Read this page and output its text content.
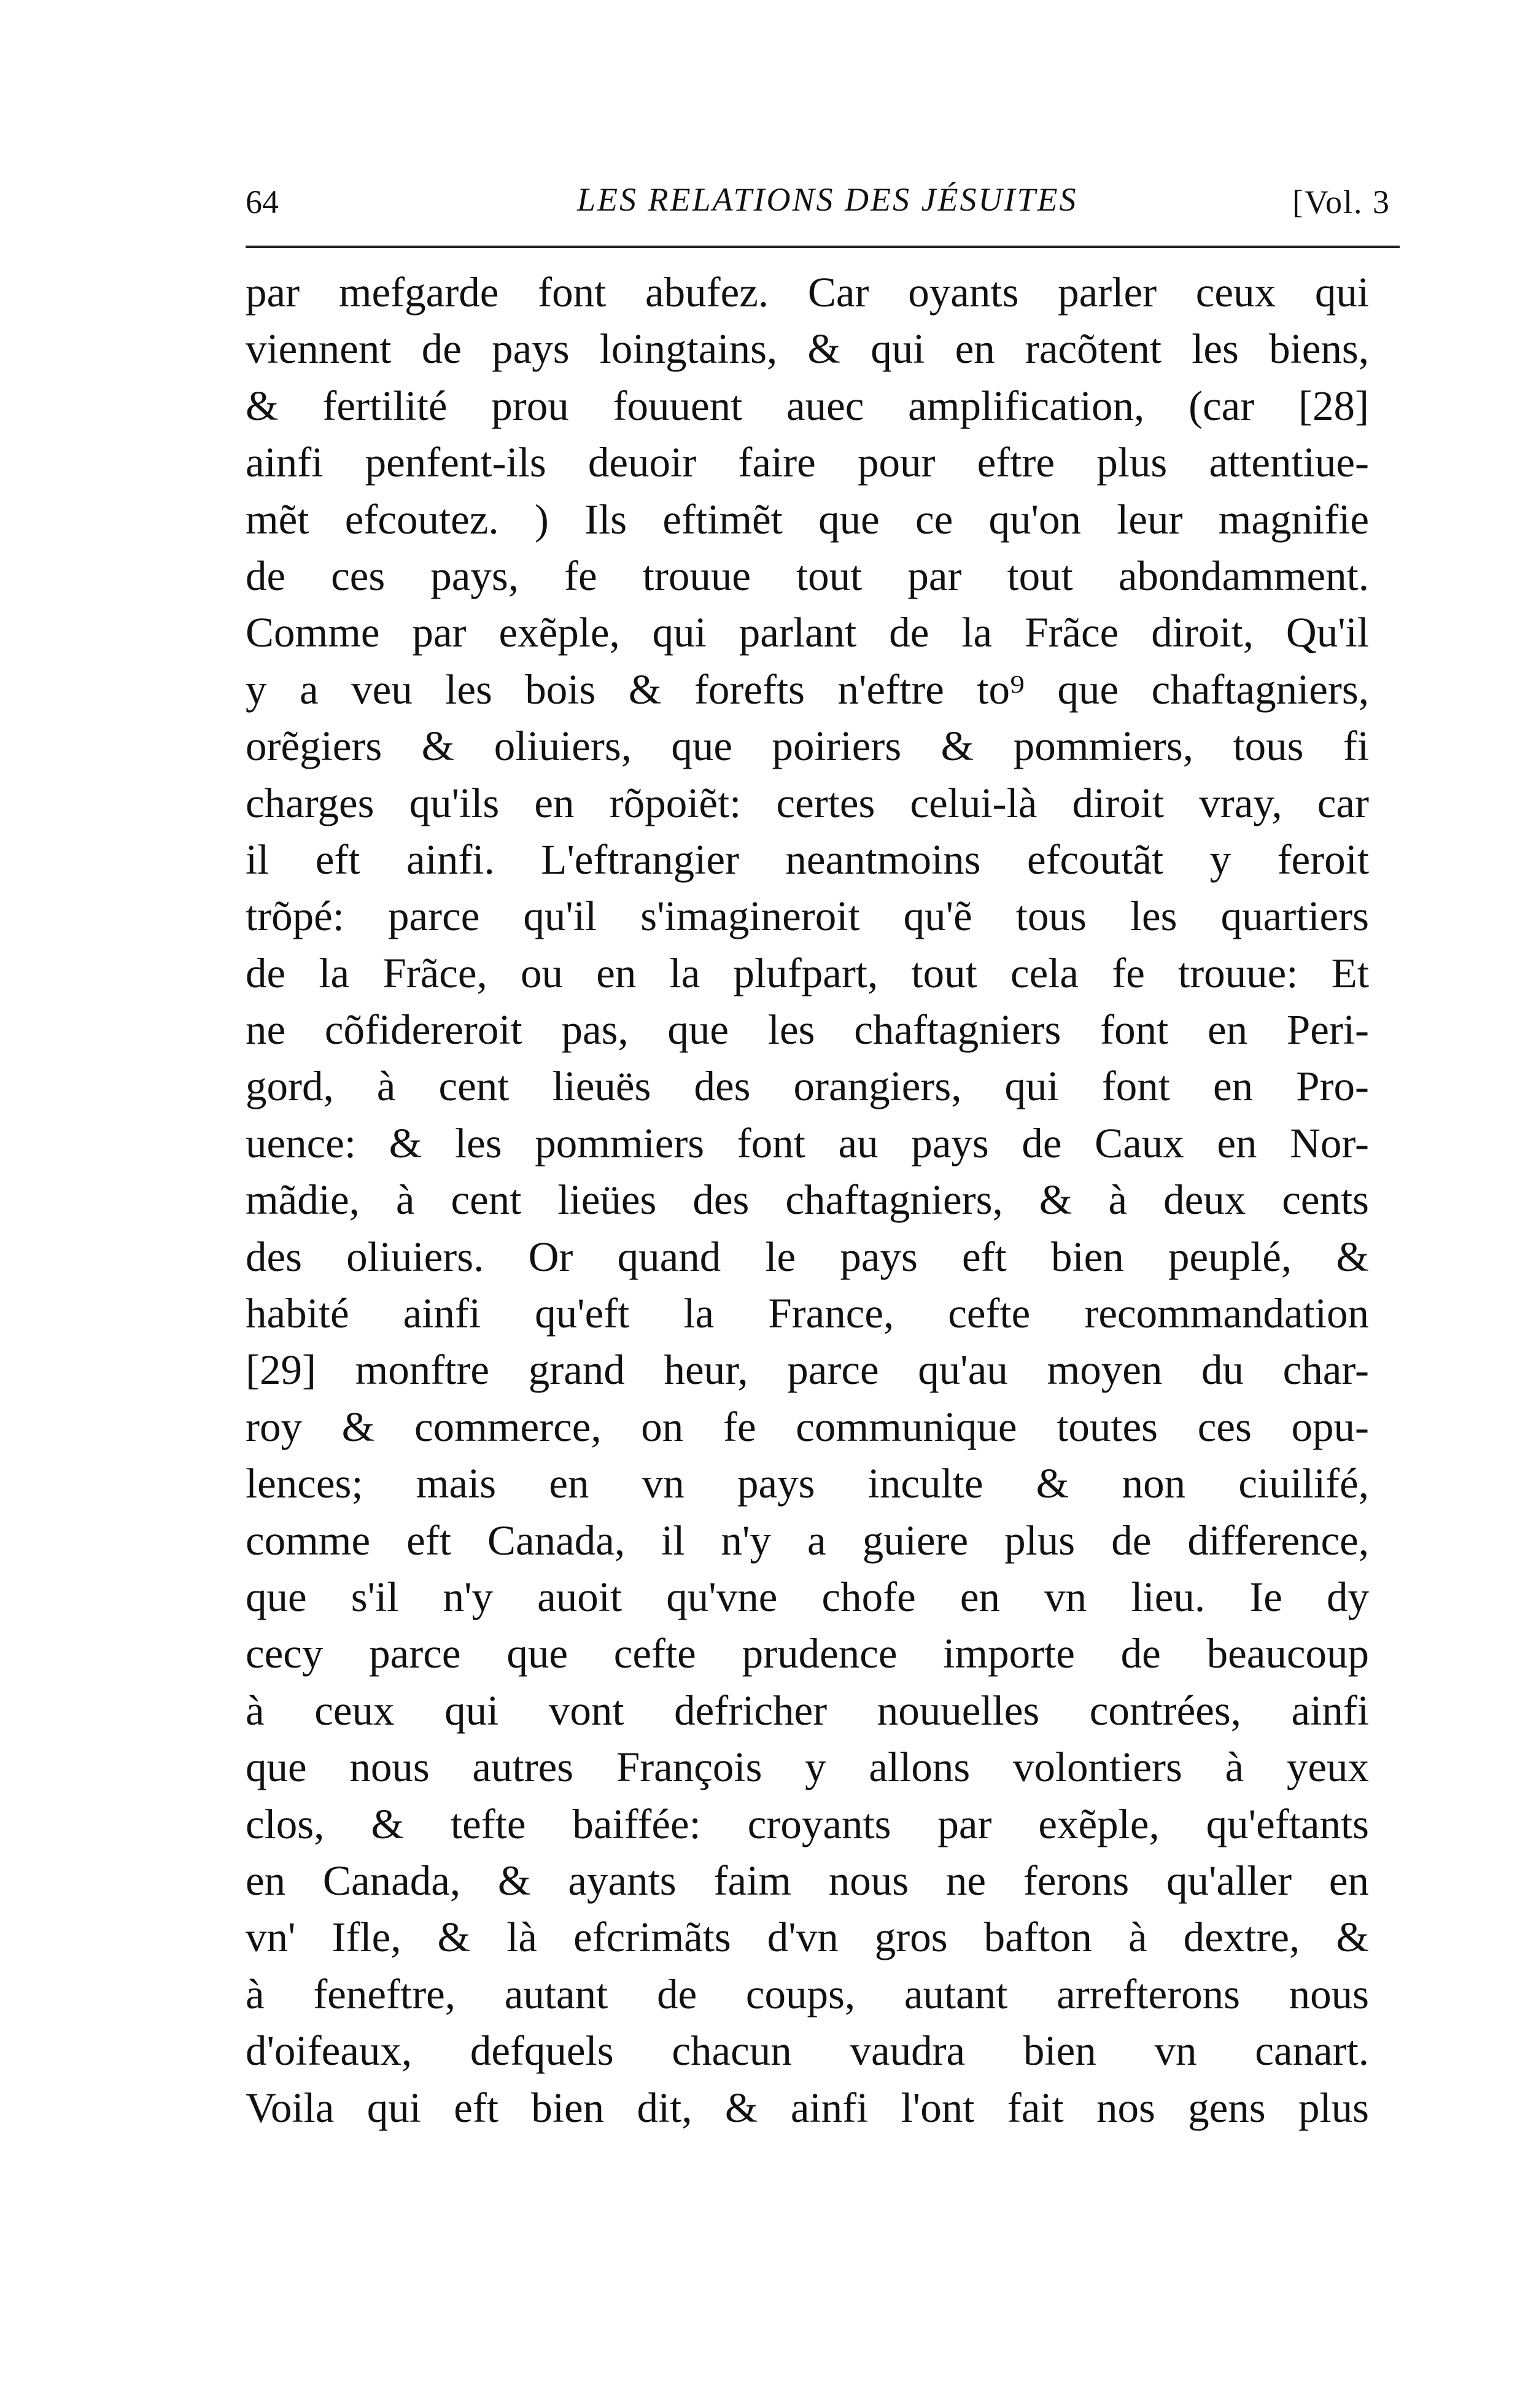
64	LES RELATIONS DES JÉSUITES	[Vol. 3
par mefgarde font abufez. Car oyants parler ceux qui
viennent de pays loingtains, & qui en racõtent les biens,
& fertilité prou fouuent auec amplification, (car [28]
ainfi penfent-ils deuoir faire pour eftre plus attentiue-
mẽt efcoutez. ) Ils eftimẽt que ce qu'on leur magnifie
de ces pays, fe trouue tout par tout abondamment.
Comme par exẽple, qui parlant de la Frãce diroit, Qu'il
y a veu les bois & forefts n'eftre to⁹ que chaftagniers,
orẽgiers & oliuiers, que poiriers & pommiers, tous fi
charges qu'ils en rõpoiẽt: certes celui-là diroit vray, car
il eft ainfi. L'eftrangier neantmoins efcoutãt y feroit
trõpé: parce qu'il s'imagineroit qu'ẽ tous les quartiers
de la Frãce, ou en la plufpart, tout cela fe trouue: Et
ne cõfidereroit pas, que les chaftagniers font en Peri-
gord, à cent lieuës des orangiers, qui font en Pro-
uence: & les pommiers font au pays de Caux en Nor-
mãdie, à cent lieües des chaftagniers, & à deux cents
des oliuiers. Or quand le pays eft bien peuplé, &
habité ainfi qu'eft la France, cefte recommandation
[29] monftre grand heur, parce qu'au moyen du char-
roy & commerce, on fe communique toutes ces opu-
lences; mais en vn pays inculte & non ciuilifé,
comme eft Canada, il n'y a guiere plus de difference,
que s'il n'y auoit qu'vne chofe en vn lieu. Ie dy
cecy parce que cefte prudence importe de beaucoup
à ceux qui vont defricher nouuelles contrées, ainfi
que nous autres François y allons volontiers à yeux
clos, & tefte baiffée: croyants par exẽple, qu'eftants
en Canada, & ayants faim nous ne ferons qu'aller en
vn' Ifle, & là efcrimãts d'vn gros bafton à dextre, &
à feneftre, autant de coups, autant arrefterons nous
d'oifeaux, defquels chacun vaudra bien vn canart.
Voila qui eft bien dit, & ainfi l'ont fait nos gens plus
